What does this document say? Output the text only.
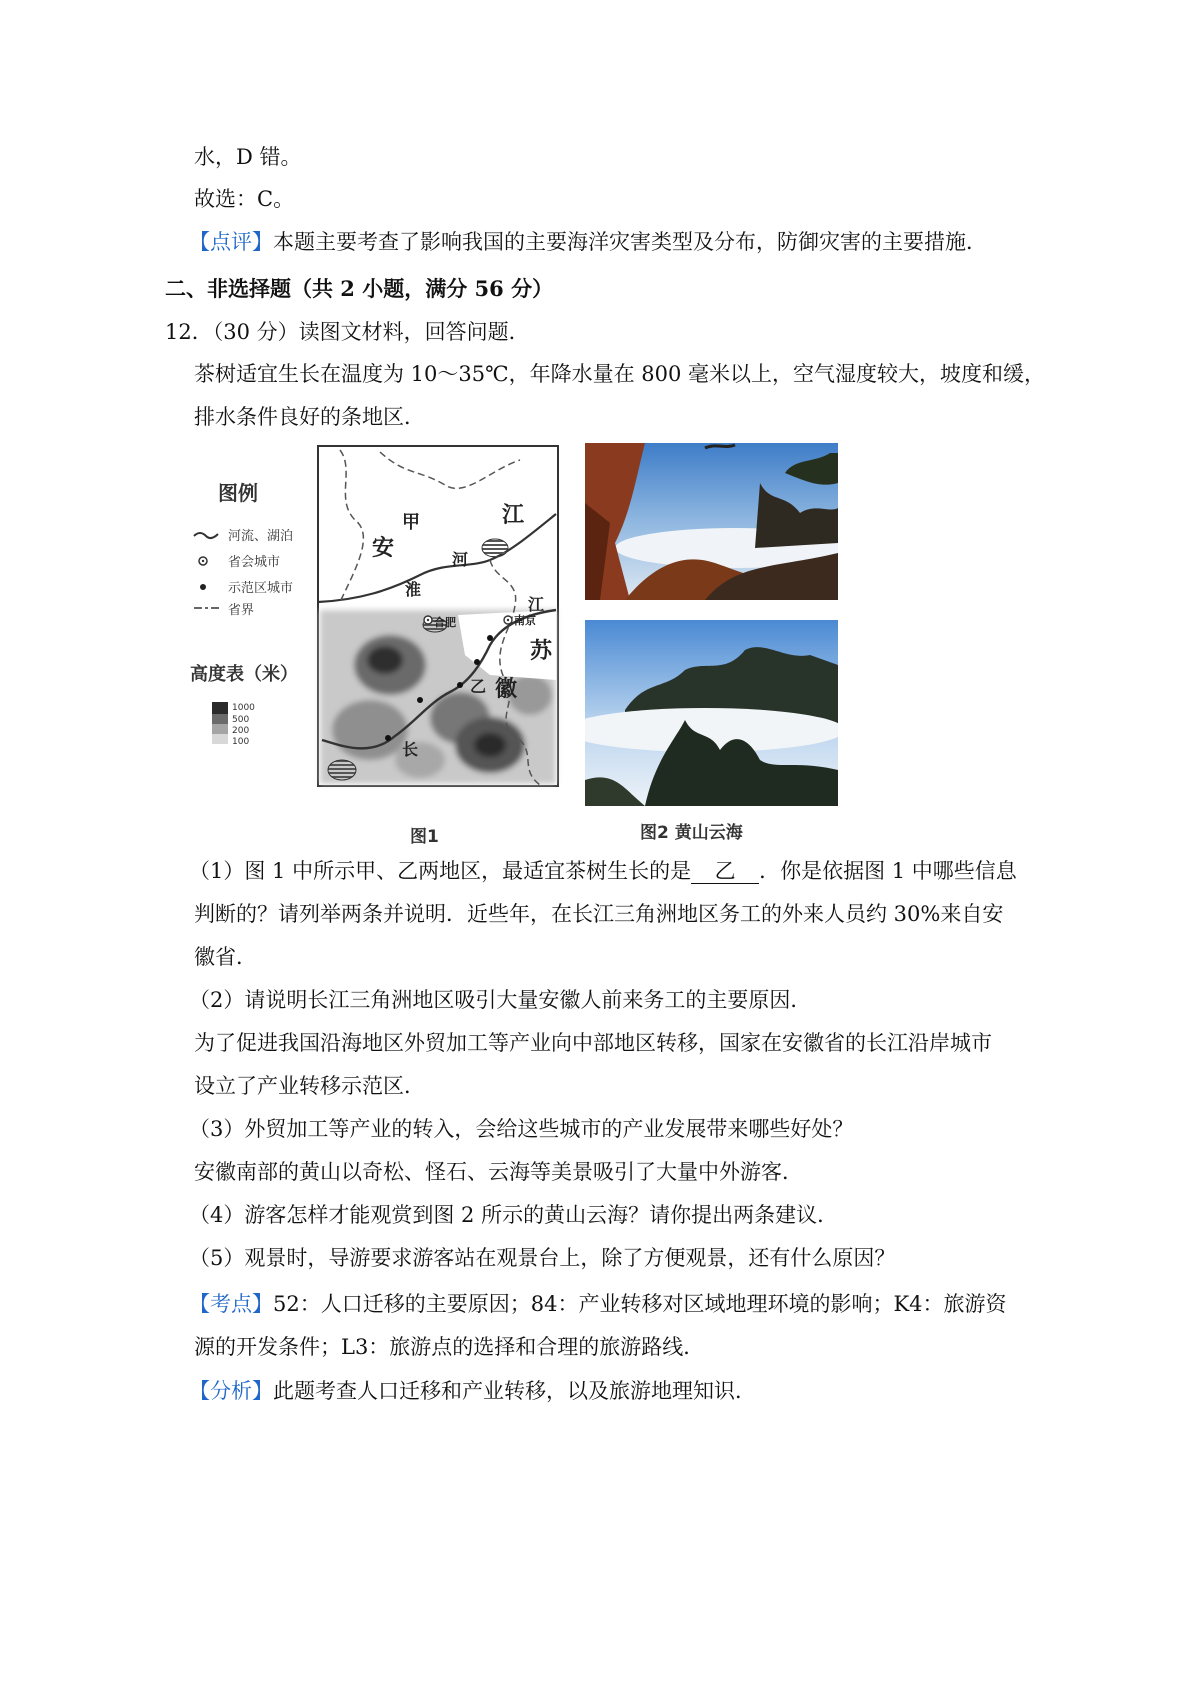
水，D 错。
故选：C。
【点评】本题主要考查了影响我国的主要海洋灾害类型及分布，防御灾害的主要措施．
二、非选择题（共 2 小题，满分 56 分）
12．（30 分）读图文材料，回答问题．
茶树适宜生长在温度为 10～35℃，年降水量在 800 毫米以上，空气湿度较大，坡度和缓，
排水条件良好的条地区．
图例
河流、湖泊
省会城市
示范区城市
省界
高度表（米）
1000
500
200
100
甲	江
安	河
淮
江
合肥	南京
苏
乙 徽
长
图1	图2 黄山云海
（1）图 1 中所示甲、乙两地区，最适宜茶树生长的是 乙 ．你是依据图 1 中哪些信息
判断的？请列举两条并说明．近些年，在长江三角洲地区务工的外来人员约 30%来自安
徽省．
（2）请说明长江三角洲地区吸引大量安徽人前来务工的主要原因．
为了促进我国沿海地区外贸加工等产业向中部地区转移，国家在安徽省的长江沿岸城市
设立了产业转移示范区．
（3）外贸加工等产业的转入，会给这些城市的产业发展带来哪些好处？
安徽南部的黄山以奇松、怪石、云海等美景吸引了大量中外游客．
（4）游客怎样才能观赏到图 2 所示的黄山云海？请你提出两条建议．
（5）观景时，导游要求游客站在观景台上，除了方便观景，还有什么原因？
【考点】52：人口迁移的主要原因；84：产业转移对区域地理环境的影响；K4：旅游资
源的开发条件；L3：旅游点的选择和合理的旅游路线．
【分析】此题考查人口迁移和产业转移，以及旅游地理知识．
